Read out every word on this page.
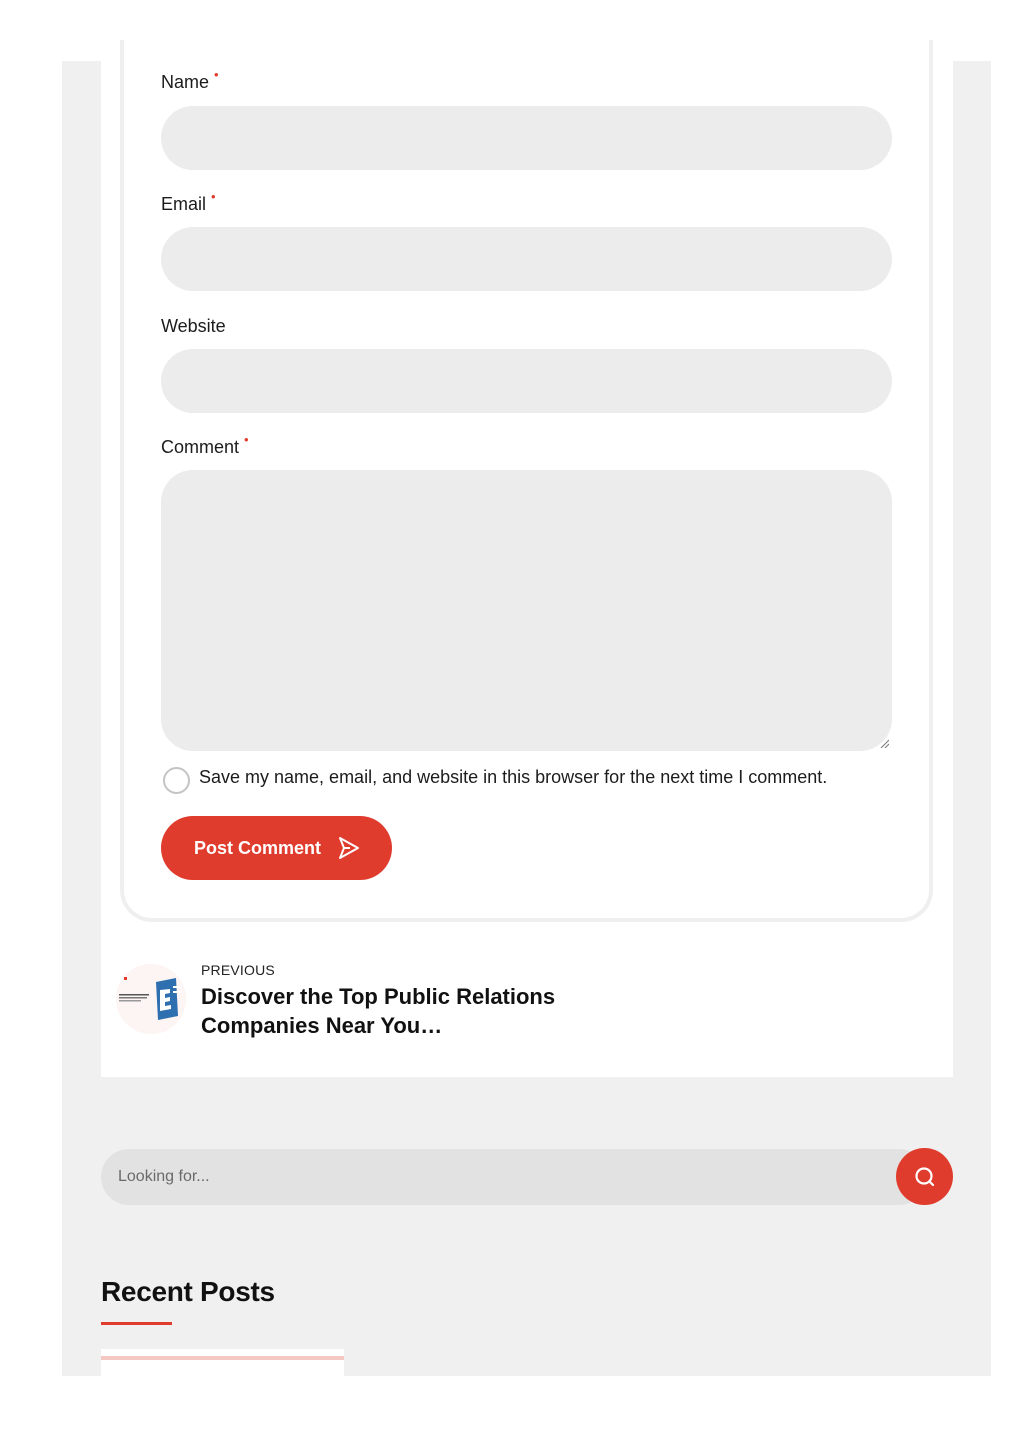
Name •
Email •
Website
Comment •
Save my name, email, and website in this browser for the next time I comment.
Post Comment
PREVIOUS
Discover the Top Public Relations Companies Near You…
Looking for...
Recent Posts
